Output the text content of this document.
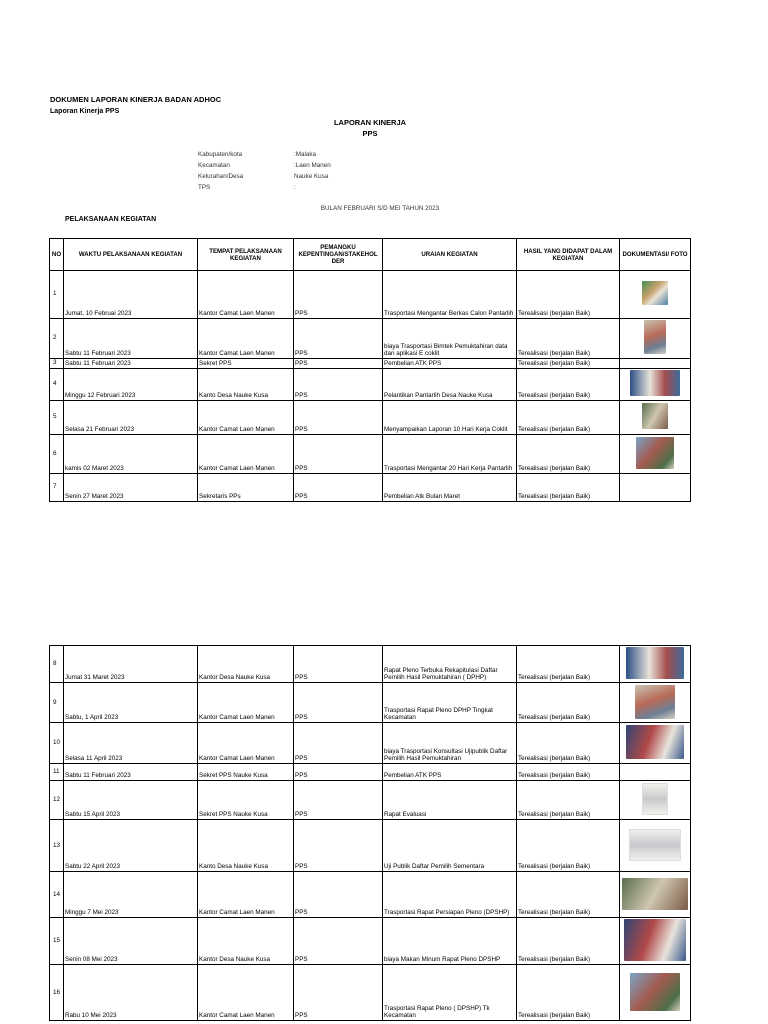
DOKUMEN LAPORAN KINERJA BADAN ADHOC
Laporan Kinerja PPS
LAPORAN KINERJA
PPS
Kabupaten/kota	:Malaka
Kecamatan	:Laen Manen
Kelurahan/Desa	Nauke Kusa
TPS	:
BULAN FEBRUARI S/D MEI TAHUN 2023
PELAKSANAAN KEGIATAN
NO	WAKTU PELAKSANAAN KEGIATAN	TEMPAT PELAKSANAAN KEGIATAN	PEMANGKU KEPENTINGAN/STAKEHOL DER	URAIAN KEGIATAN	HASIL YANG DIDAPAT DALAM KEGIATAN	DOKUMENTASI/ FOTO
1	Jumat, 10 Februai 2023	Kantor Camat Laen Manen	PPS	Trasportasi Mengantar Berkas Calon Pantarlih	Terealisasi (berjalan Baik)	
2	Sabtu 11 Februari 2023	Kantor Camat Laen Manen	PPS	biaya Trasportasi Bimtek Pemuktahiran data dan aplikasi E coklit	Terealisasi (berjalan Baik)	
3	Sabtu 11 Februari 2023	Sekret PPS	PPS	Pembelian ATK PPS	Terealisasi (berjalan Baik)	
4	Minggu 12 Februari 2023	Kanto Desa Nauke Kusa	PPS	Pelantikan Pantarlih Desa Nauke Kusa	Terealisasi (berjalan Baik)	
5	Selasa 21 Februari 2023	Kantor Camat Laen Manen	PPS	Menyampaikan Laporan 10 Hari Kerja Coklit	Terealisasi (berjalan Baik)	
6	kamis 02 Maret 2023	Kantor Camat Laen Manen	PPS	Trasportasi Mengantar 20 Hari Kerja Pantarlih	Terealisasi (berjalan Baik)	
7	Senin 27 Maret 2023	Sekretaris PPs	PPS	Pembelian Atk Bulan Maret	Terealisasi (berjalan Baik)	
8	Jumat 31 Maret 2023	Kantor Desa Nauke Kusa	PPS	Rapat Pleno Terbuka Rekapitulasi Daftar Pemilih Hasil Pemuktahiran ( DPHP)	Terealisasi (berjalan Baik)	
9	Sabtu, 1 April 2023	Kantor Camat Laen Manen	PPS	Trasportasi Rapat Pleno DPHP Tingkat Kecamatan	Terealisasi (berjalan Baik)	
10	Selasa 11 April 2023	Kantor Camat Laen Manen	PPS	biaya Trasportasi Konsultasi Ujipublik Daftar Pemilih Hasil Pemuktahiran	Terealisasi (berjalan Baik)	
11	Sabtu 11 Februari 2023	Sekret PPS Nauke Kusa	PPS	Pembelian ATK PPS	Terealisasi (berjalan Baik)	
12	Sabtu 15 April 2023	Sekret PPS Nauke Kusa	PPS	Rapat Evaluasi	Terealisasi (berjalan Baik)	
13	Sabtu 22 April 2023	Kanto Desa Nauke Kusa	PPS	Uji Publik Daftar Pemilih Sementara	Terealisasi (berjalan Baik)	
14	Minggu 7 Mei 2023	Kantor Camat Laen Manen	PPS	Trasportasi Rapat Persiapan Pleno (DPSHP)	Terealisasi (berjalan Baik)	
15	Senin 08 Mei 2023	Kantor Desa Nauke Kusa	PPS	biaya Makan Minum Rapat Pleno DPSHP	Terealisasi (berjalan Baik)	
16	Rabu 10 Mei 2023	Kantor Camat Laen Manen	PPS	Trasportasi Rapat Pleno ( DPSHP) Tk Kecamatan	Terealisasi (berjalan Baik)	
